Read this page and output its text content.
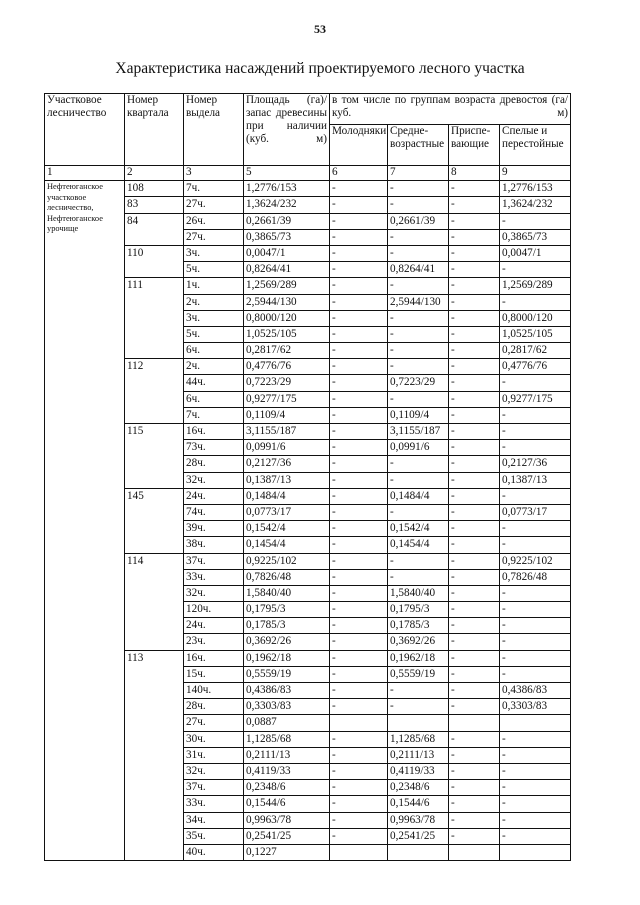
53
Характеристика насаждений проектируемого лесного участка
Участковое лесничество	Номер квартала	Номер выдела	Площадь (га)/запас древесины при наличии (куб. м)	в том числе по группам возраста древостоя (га/куб. м)			
				Молодняки	Средне-возрастные	Приспе-вающие	Спелые и перестойные
1	2	3	5	6	7	8	9
Нефтеюганское участковое лесничество, Нефтеюганское урочище	108	7ч.	1,2776/153	-	-	-	1,2776/153
	83	27ч.	1,3624/232	-	-	-	1,3624/232
	84	26ч.	0,2661/39	-	0,2661/39	-	-
		27ч.	0,3865/73	-	-	-	0,3865/73
	110	3ч.	0,0047/1	-	-	-	0,0047/1
		5ч.	0,8264/41	-	0,8264/41	-	-
	111	1ч.	1,2569/289	-	-	-	1,2569/289
		2ч.	2,5944/130	-	2,5944/130	-	-
		3ч.	0,8000/120	-	-	-	0,8000/120
		5ч.	1,0525/105	-	-	-	1,0525/105
		6ч.	0,2817/62	-	-	-	0,2817/62
	112	2ч.	0,4776/76	-	-	-	0,4776/76
		44ч.	0,7223/29	-	0,7223/29	-	-
		6ч.	0,9277/175	-	-	-	0,9277/175
		7ч.	0,1109/4	-	0,1109/4	-	-
	115	16ч.	3,1155/187	-	3,1155/187	-	-
		73ч.	0,0991/6	-	0,0991/6	-	-
		28ч.	0,2127/36	-	-	-	0,2127/36
		32ч.	0,1387/13	-	-	-	0,1387/13
	145	24ч.	0,1484/4	-	0,1484/4	-	-
		74ч.	0,0773/17	-	-	-	0,0773/17
		39ч.	0,1542/4	-	0,1542/4	-	-
		38ч.	0,1454/4	-	0,1454/4	-	-
	114	37ч.	0,9225/102	-	-	-	0,9225/102
		33ч.	0,7826/48	-	-	-	0,7826/48
		32ч.	1,5840/40	-	1,5840/40	-	-
		120ч.	0,1795/3	-	0,1795/3	-	-
		24ч.	0,1785/3	-	0,1785/3	-	-
		23ч.	0,3692/26	-	0,3692/26	-	-
	113	16ч.	0,1962/18	-	0,1962/18	-	-
		15ч.	0,5559/19	-	0,5559/19	-	-
		140ч.	0,4386/83	-	-	-	0,4386/83
		28ч.	0,3303/83	-	-	-	0,3303/83
		27ч.	0,0887				
		30ч.	1,1285/68	-	1,1285/68	-	-
		31ч.	0,2111/13	-	0,2111/13	-	-
		32ч.	0,4119/33	-	0,4119/33	-	-
		37ч.	0,2348/6	-	0,2348/6	-	-
		33ч.	0,1544/6	-	0,1544/6	-	-
		34ч.	0,9963/78	-	0,9963/78	-	-
		35ч.	0,2541/25	-	0,2541/25	-	-
		40ч.	0,1227				
